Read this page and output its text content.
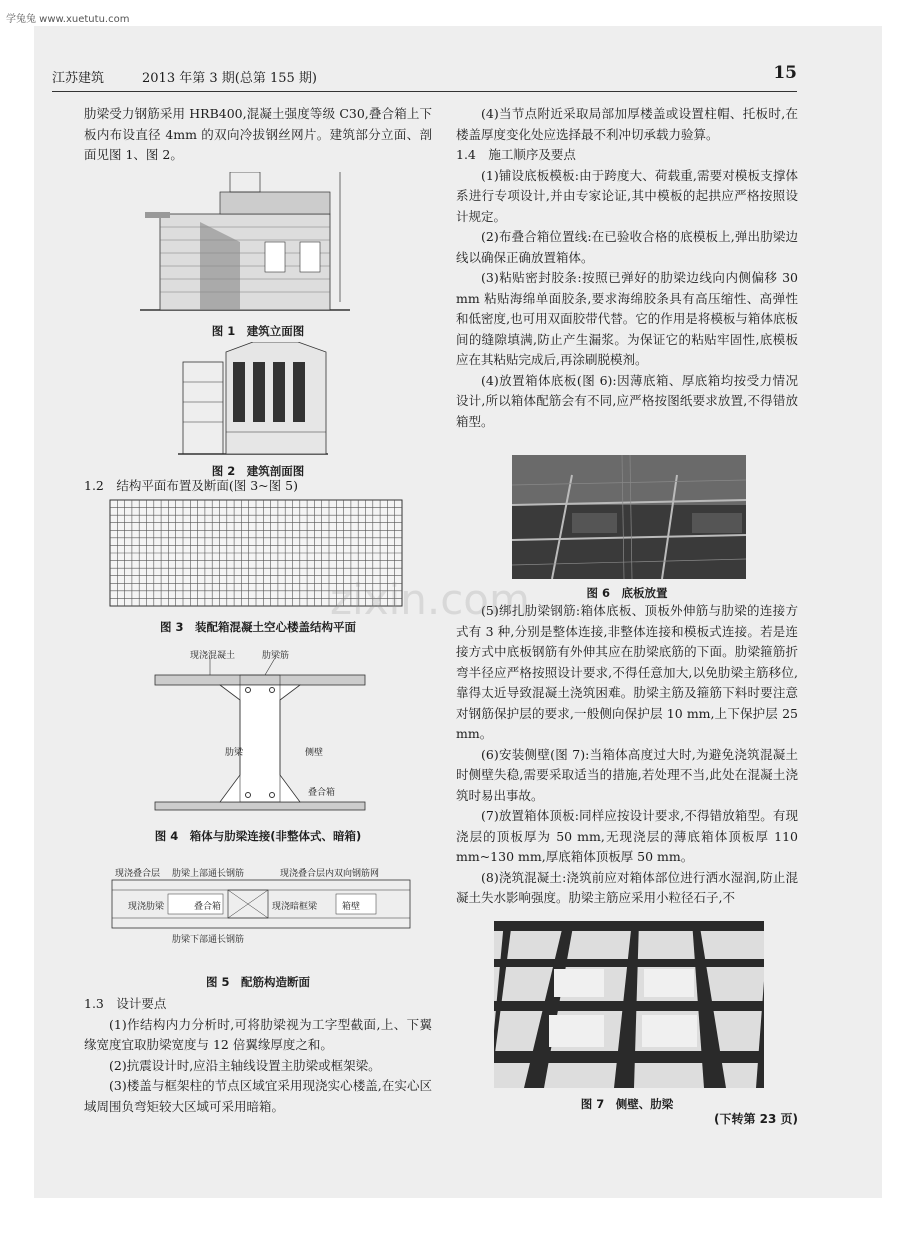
学兔兔 www.xuetutu.com
江苏建筑	2013 年第 3 期(总第 155 期)	15

肋梁受力钢筋采用 HRB400,混凝土强度等级 C30,叠合箱上下板内布设直径 4mm 的双向冷拔钢丝网片。建筑部分立面、剖面见图 1、图 2。

图 1　建筑立面图
图 2　建筑剖面图

1.2　结构平面布置及断面(图 3~图 5)

图 3　装配箱混凝土空心楼盖结构平面
现浇混凝土	肋梁筋
肋梁	侧壁
叠合箱
图 4　箱体与肋梁连接(非整体式、暗箱)
现浇叠合层 肋梁上部通长钢筋	现浇叠合层内双向钢筋网
现浇肋梁	叠合箱	现浇暗框梁	箱壁
肋梁下部通长钢筋
图 5　配筋构造断面

1.3　设计要点

(1)作结构内力分析时,可将肋梁视为工字型截面,上、下翼缘宽度宜取肋梁宽度与 12 倍翼缘厚度之和。

(2)抗震设计时,应沿主轴线设置主肋梁或框架梁。

(3)楼盖与框架柱的节点区域宜采用现浇实心楼盖,在实心区域周围负弯矩较大区域可采用暗箱。

(4)当节点附近采取局部加厚楼盖或设置柱帽、托板时,在楼盖厚度变化处应选择最不利冲切承载力验算。

1.4　施工顺序及要点

(1)铺设底板模板:由于跨度大、荷载重,需要对模板支撑体系进行专项设计,并由专家论证,其中模板的起拱应严格按照设计规定。

(2)布叠合箱位置线:在已验收合格的底模板上,弹出肋梁边线以确保正确放置箱体。

(3)粘贴密封胶条:按照已弹好的肋梁边线向内侧偏移 30 mm 粘贴海绵单面胶条,要求海绵胶条具有高压缩性、高弹性和低密度,也可用双面胶带代替。它的作用是将模板与箱体底板间的缝隙填满,防止产生漏浆。为保证它的粘贴牢固性,底模板应在其粘贴完成后,再涂刷脱模剂。

(4)放置箱体底板(图 6):因薄底箱、厚底箱均按受力情况设计,所以箱体配筋会有不同,应严格按图纸要求放置,不得错放箱型。

图 6　底板放置

(5)绑扎肋梁钢筋:箱体底板、顶板外伸筋与肋梁的连接方式有 3 种,分别是整体连接,非整体连接和模板式连接。若是连接方式中底板钢筋有外伸其应在肋梁底筋的下面。肋梁箍筋折弯半径应严格按照设计要求,不得任意加大,以免肋梁主筋移位,靠得太近导致混凝土浇筑困难。肋梁主筋及箍筋下料时要注意对钢筋保护层的要求,一般侧向保护层 10 mm,上下保护层 25 mm。

(6)安装侧壁(图 7):当箱体高度过大时,为避免浇筑混凝土时侧壁失稳,需要采取适当的措施,若处理不当,此处在混凝土浇筑时易出事故。

(7)放置箱体顶板:同样应按设计要求,不得错放箱型。有现浇层的顶板厚为 50 mm,无现浇层的薄底箱体顶板厚 110 mm~130 mm,厚底箱体顶板厚 50 mm。

(8)浇筑混凝土:浇筑前应对箱体部位进行洒水湿润,防止混凝土失水影响强度。肋梁主筋应采用小粒径石子,不

图 7　侧壁、肋梁
(下转第 23 页)
zixin.com
